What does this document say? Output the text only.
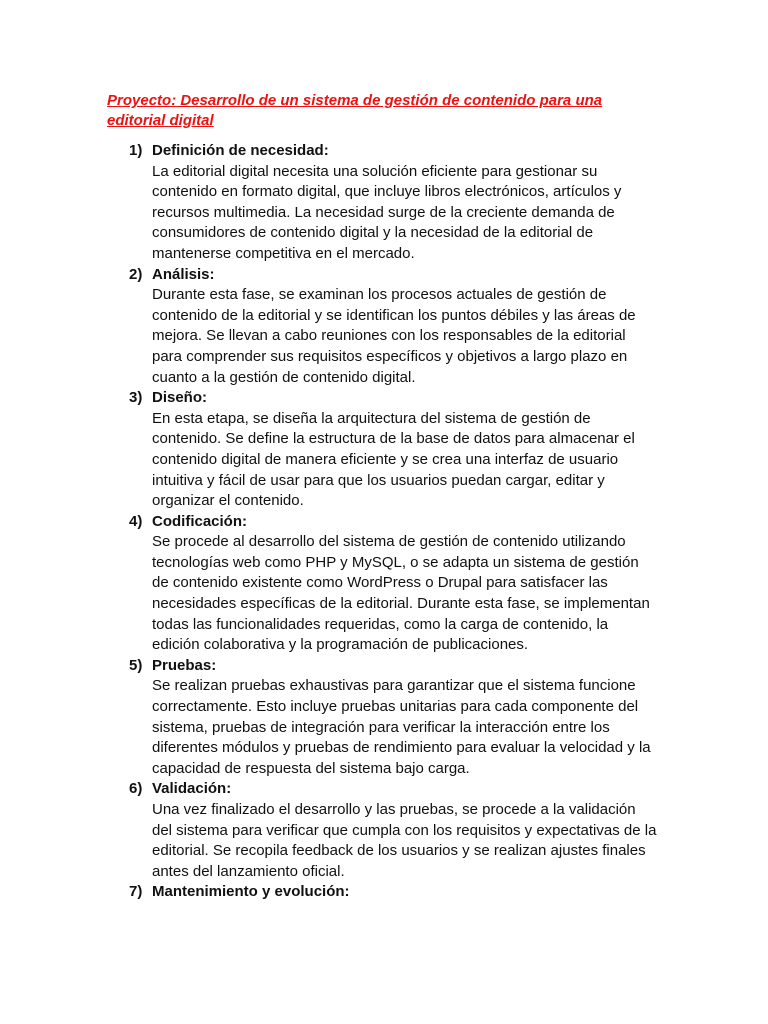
Proyecto: Desarrollo de un sistema de gestión de contenido para una
editorial digital
1) Definición de necesidad:
La editorial digital necesita una solución eficiente para gestionar su
contenido en formato digital, que incluye libros electrónicos, artículos y
recursos multimedia. La necesidad surge de la creciente demanda de
consumidores de contenido digital y la necesidad de la editorial de
mantenerse competitiva en el mercado.
2) Análisis:
Durante esta fase, se examinan los procesos actuales de gestión de
contenido de la editorial y se identifican los puntos débiles y las áreas de
mejora. Se llevan a cabo reuniones con los responsables de la editorial
para comprender sus requisitos específicos y objetivos a largo plazo en
cuanto a la gestión de contenido digital.
3) Diseño:
En esta etapa, se diseña la arquitectura del sistema de gestión de
contenido. Se define la estructura de la base de datos para almacenar el
contenido digital de manera eficiente y se crea una interfaz de usuario
intuitiva y fácil de usar para que los usuarios puedan cargar, editar y
organizar el contenido.
4) Codificación:
Se procede al desarrollo del sistema de gestión de contenido utilizando
tecnologías web como PHP y MySQL, o se adapta un sistema de gestión
de contenido existente como WordPress o Drupal para satisfacer las
necesidades específicas de la editorial. Durante esta fase, se implementan
todas las funcionalidades requeridas, como la carga de contenido, la
edición colaborativa y la programación de publicaciones.
5) Pruebas:
Se realizan pruebas exhaustivas para garantizar que el sistema funcione
correctamente. Esto incluye pruebas unitarias para cada componente del
sistema, pruebas de integración para verificar la interacción entre los
diferentes módulos y pruebas de rendimiento para evaluar la velocidad y la
capacidad de respuesta del sistema bajo carga.
6) Validación:
Una vez finalizado el desarrollo y las pruebas, se procede a la validación
del sistema para verificar que cumpla con los requisitos y expectativas de la
editorial. Se recopila feedback de los usuarios y se realizan ajustes finales
antes del lanzamiento oficial.
7) Mantenimiento y evolución:
